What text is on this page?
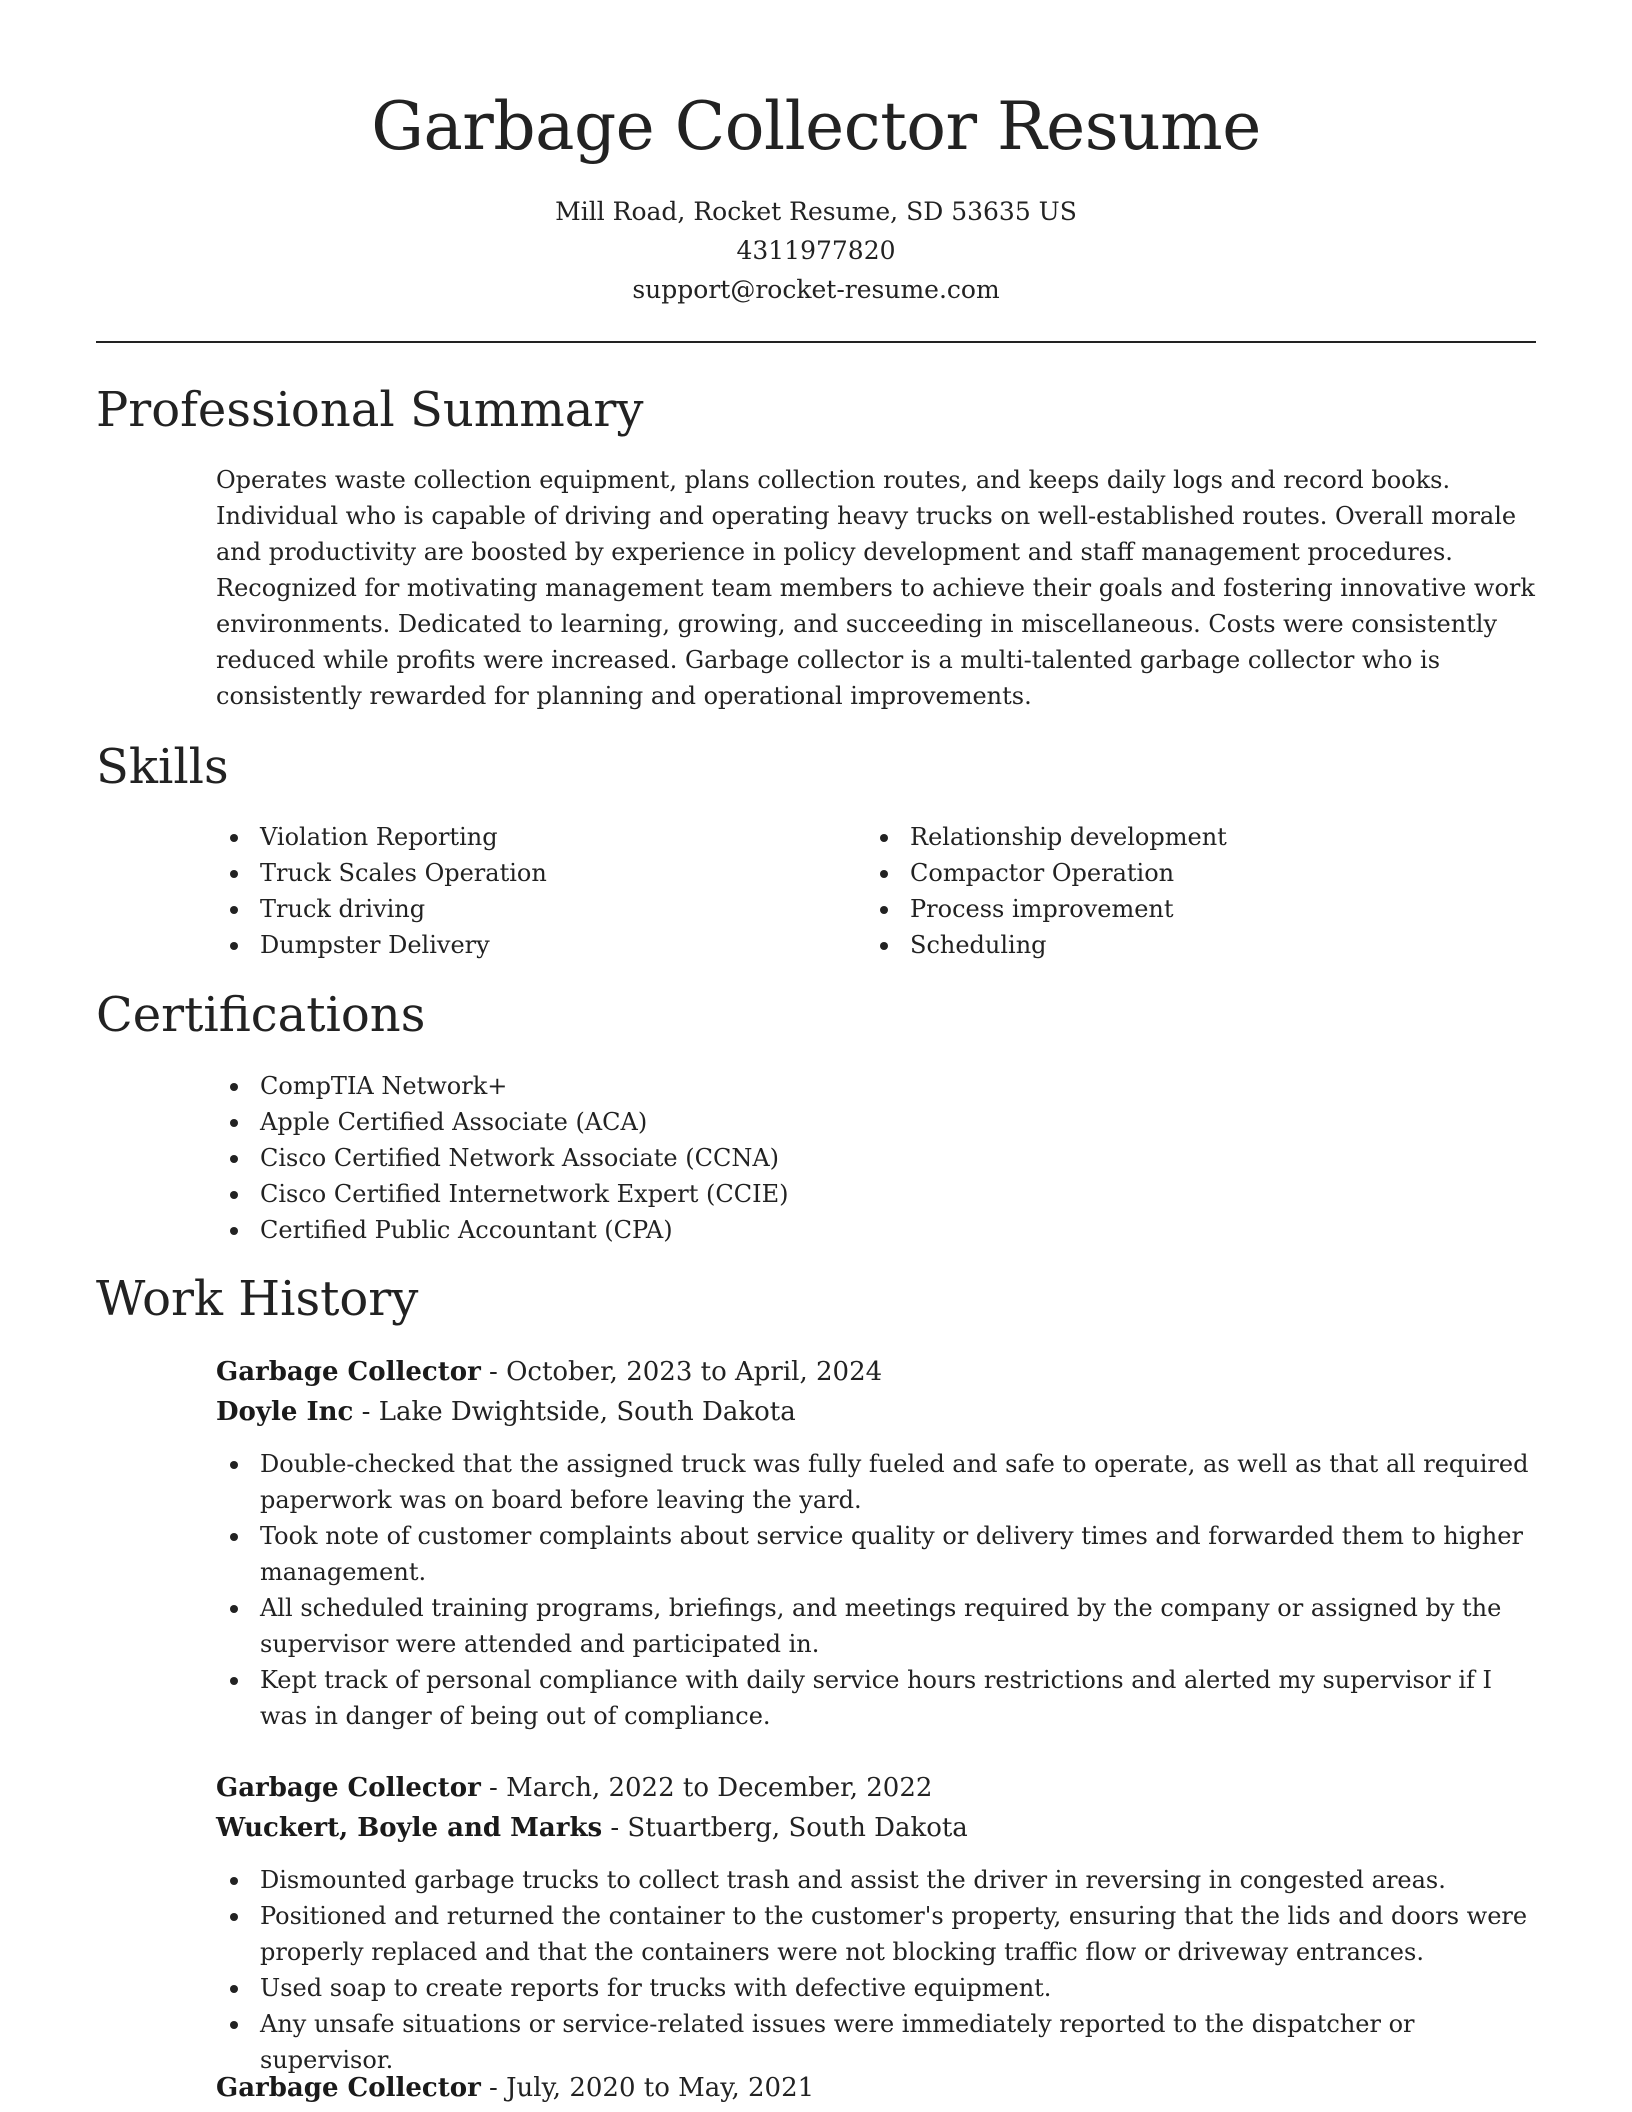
Garbage Collector Resume
Mill Road, Rocket Resume, SD 53635 US
4311977820
support@rocket-resume.com
Professional Summary

Operates waste collection equipment, plans collection routes, and keeps daily logs and record books. Individual who is capable of driving and operating heavy trucks on well-established routes. Overall morale and productivity are boosted by experience in policy development and staff management procedures. Recognized for motivating management team members to achieve their goals and fostering innovative work environments. Dedicated to learning, growing, and succeeding in miscellaneous. Costs were consistently reduced while profits were increased. Garbage collector is a multi-talented garbage collector who is consistently rewarded for planning and operational improvements.

Skills
Violation Reporting
Truck Scales Operation
Truck driving
Dumpster Delivery
Relationship development
Compactor Operation
Process improvement
Scheduling
Certifications
CompTIA Network+
Apple Certified Associate (ACA)
Cisco Certified Network Associate (CCNA)
Cisco Certified Internetwork Expert (CCIE)
Certified Public Accountant (CPA)
Work History
Garbage Collector - October, 2023 to April, 2024
Doyle Inc - Lake Dwightside, South Dakota
Double-checked that the assigned truck was fully fueled and safe to operate, as well as that all required paperwork was on board before leaving the yard.
Took note of customer complaints about service quality or delivery times and forwarded them to higher management.
All scheduled training programs, briefings, and meetings required by the company or assigned by the supervisor were attended and participated in.
Kept track of personal compliance with daily service hours restrictions and alerted my supervisor if I was in danger of being out of compliance.
Garbage Collector - March, 2022 to December, 2022
Wuckert, Boyle and Marks - Stuartberg, South Dakota
Dismounted garbage trucks to collect trash and assist the driver in reversing in congested areas.
Positioned and returned the container to the customer's property, ensuring that the lids and doors were properly replaced and that the containers were not blocking traffic flow or driveway entrances.
Used soap to create reports for trucks with defective equipment.
Any unsafe situations or service-related issues were immediately reported to the dispatcher or supervisor.
Garbage Collector - July, 2020 to May, 2021
